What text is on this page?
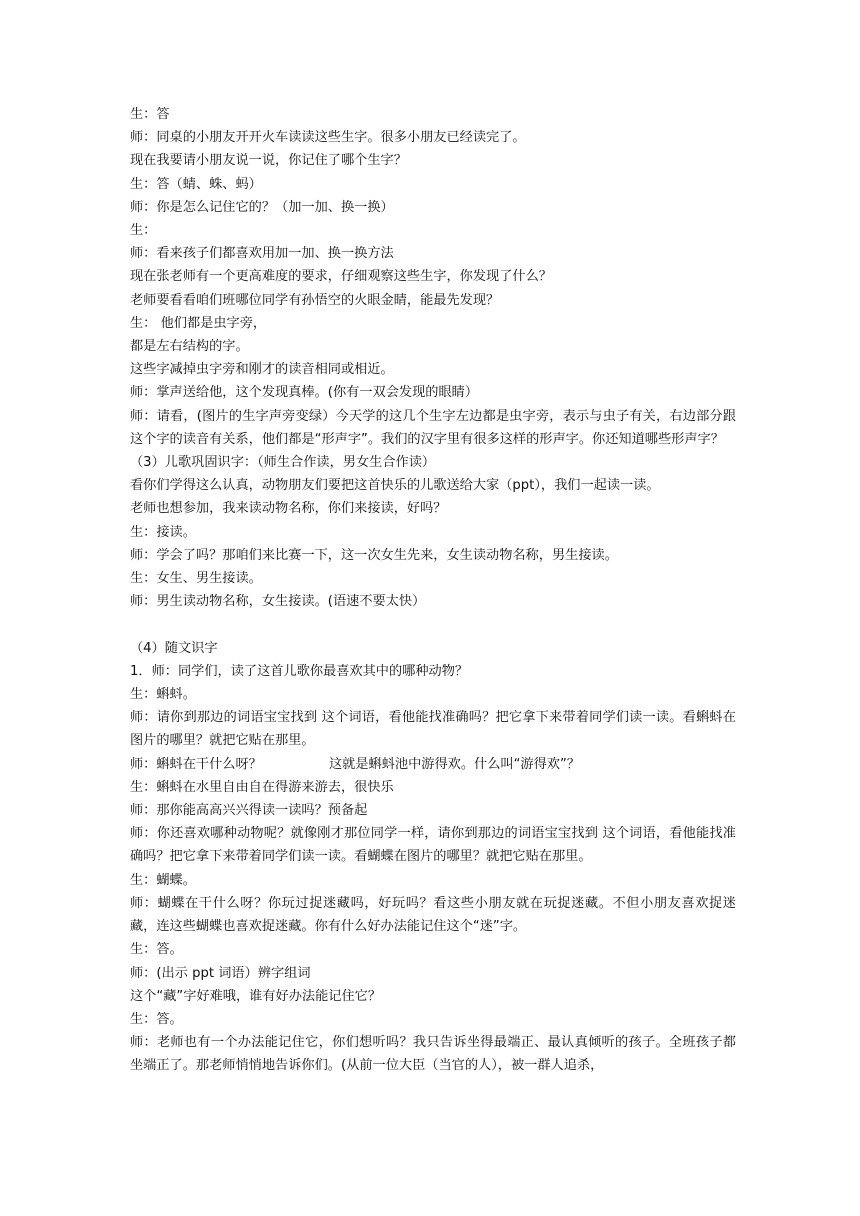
生：答

师：同桌的小朋友开开火车读读这些生字。很多小朋友已经读完了。

现在我要请小朋友说一说，你记住了哪个生字？

生：答（蜻、蛛、蚂）

师：你是怎么记住它的？（加一加、换一换）

生：

师：看来孩子们都喜欢用加一加、换一换方法

现在张老师有一个更高难度的要求，仔细观察这些生字，你发现了什么？

老师要看看咱们班哪位同学有孙悟空的火眼金睛，能最先发现？

生： 他们都是虫字旁，

都是左右结构的字。

这些字减掉虫字旁和刚才的读音相同或相近。

师：掌声送给他，这个发现真棒。(你有一双会发现的眼睛）

师：请看，(图片的生字声旁变绿）今天学的这几个生字左边都是虫字旁，表示与虫子有关，右边部分跟这个字的读音有关系，他们都是“形声字”。我们的汉字里有很多这样的形声字。你还知道哪些形声字？

（3）儿歌巩固识字：（师生合作读，男女生合作读）

看你们学得这么认真，动物朋友们要把这首快乐的儿歌送给大家（ppt），我们一起读一读。

老师也想参加，我来读动物名称，你们来接读，好吗？

生：接读。

师：学会了吗？那咱们来比赛一下，这一次女生先来，女生读动物名称，男生接读。

生：女生、男生接读。

师：男生读动物名称，女生接读。(语速不要太快）

（4）随文识字

1．师：同学们，读了这首儿歌你最喜欢其中的哪种动物？

生：蝌蚪。

师：请你到那边的词语宝宝找到 这个词语，看他能找准确吗？把它拿下来带着同学们读一读。看蝌蚪在图片的哪里？就把它贴在那里。

师：蝌蚪在干什么呀？                这就是蝌蚪池中游得欢。什么叫“游得欢”？

生：蝌蚪在水里自由自在得游来游去，很快乐

师：那你能高高兴兴得读一读吗？预备起

师：你还喜欢哪种动物呢？就像刚才那位同学一样，请你到那边的词语宝宝找到 这个词语，看他能找准确吗？把它拿下来带着同学们读一读。看蝴蝶在图片的哪里？就把它贴在那里。

生：蝴蝶。

师：蝴蝶在干什么呀？你玩过捉迷藏吗，好玩吗？看这些小朋友就在玩捉迷藏。不但小朋友喜欢捉迷藏，连这些蝴蝶也喜欢捉迷藏。你有什么好办法能记住这个“迷”字。

生：答。

师：(出示 ppt 词语）辨字组词

这个“藏”字好难哦，谁有好办法能记住它？

生：答。

师：老师也有一个办法能记住它，你们想听吗？我只告诉坐得最端正、最认真倾听的孩子。全班孩子都坐端正了。那老师悄悄地告诉你们。(从前一位大臣（当官的人），被一群人追杀，
